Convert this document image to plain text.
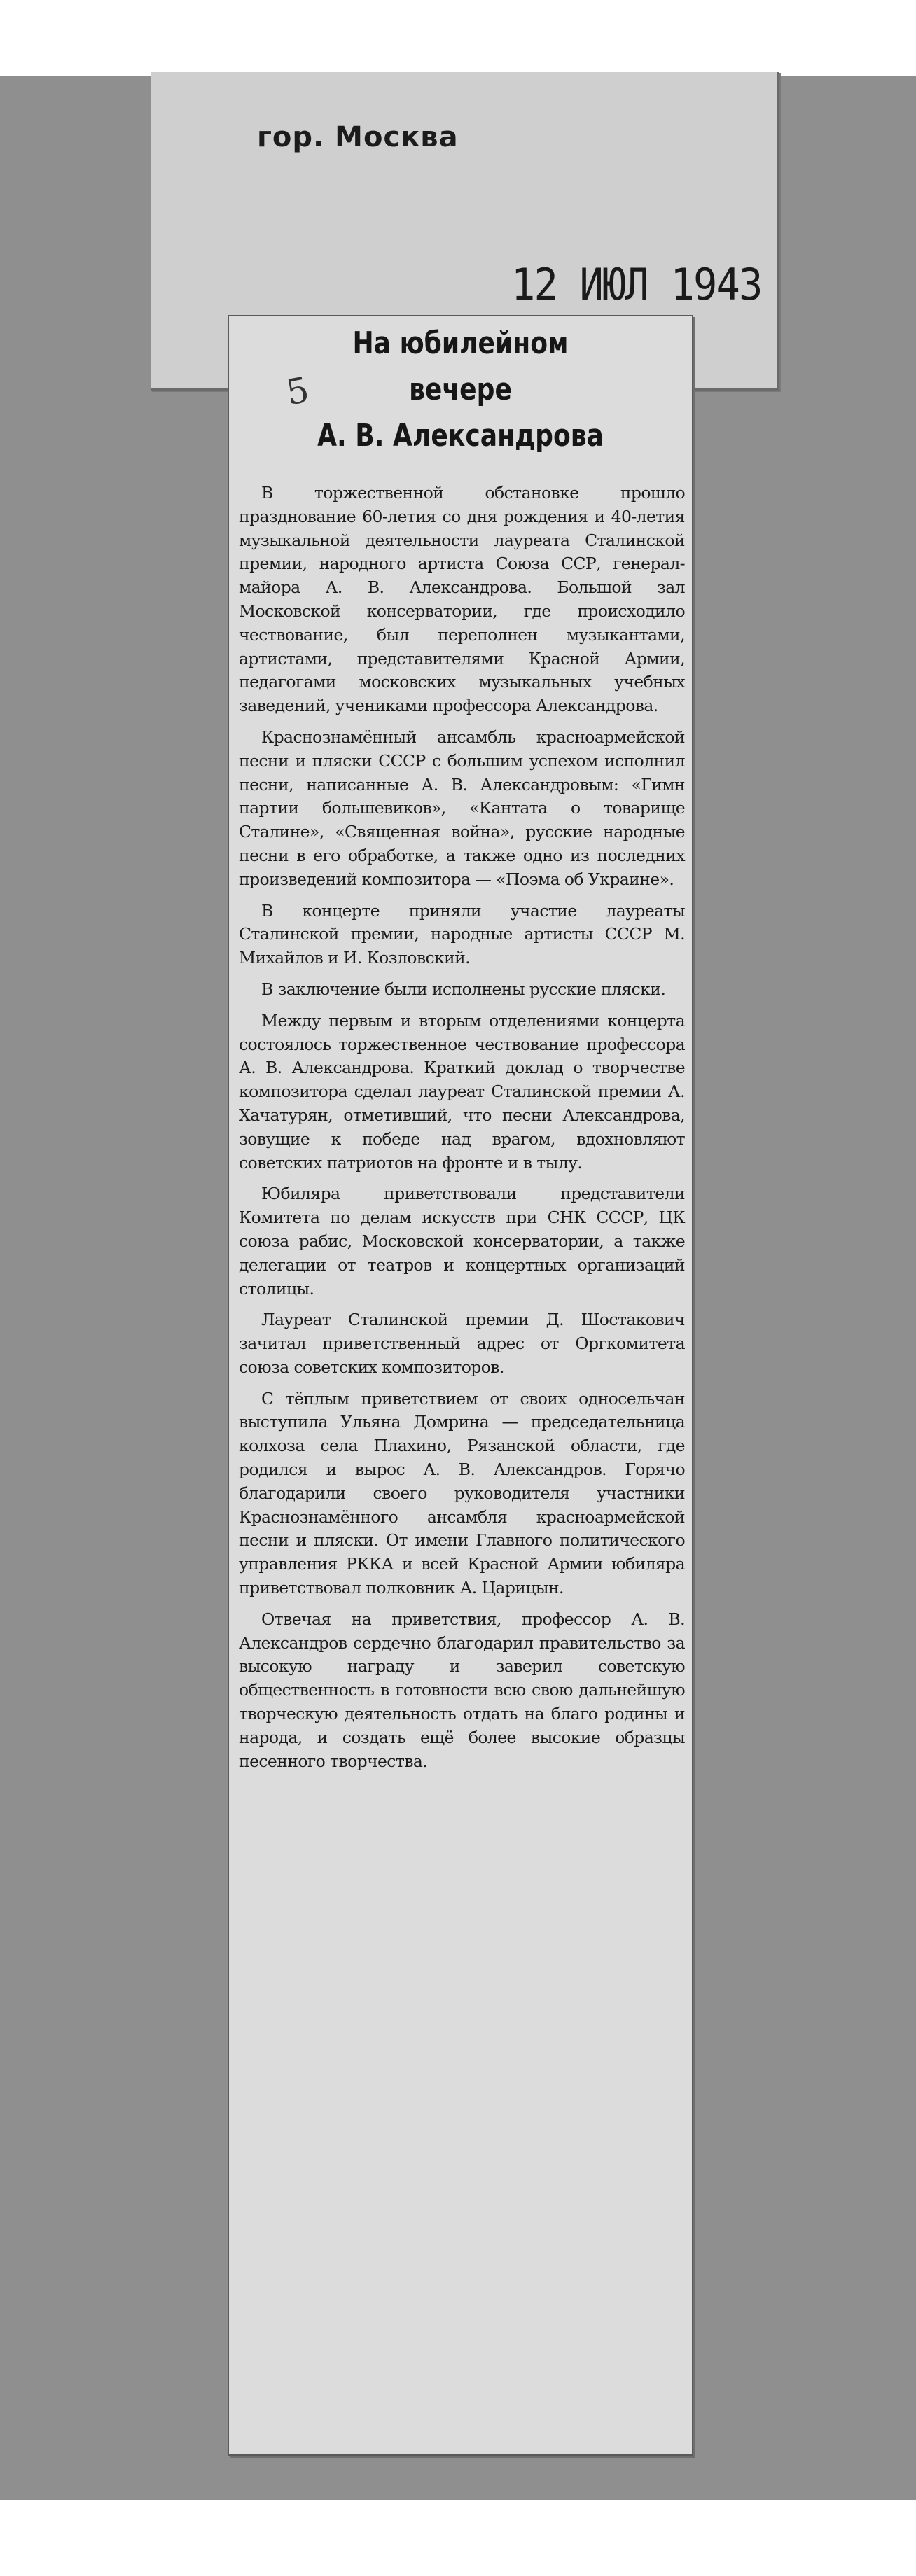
гор. Москва
12 ИЮЛ 1943
5
На юбилейном
вечере
А. В. Александрова

В торжественной обстановке прошло празднование 60-летия со дня рождения и 40-летия музыкальной деятельности лауреата Сталинской премии, народного артиста Союза ССР, генерал-майора А. В. Александрова. Большой зал Московской консерватории, где происходило чествование, был переполнен музыкантами, артистами, представителями Красной Армии, педагогами московских музыкальных учебных заведений, учениками профессора Александрова.

Краснознамённый ансамбль красноармейской песни и пляски СССР с большим успехом исполнил песни, написанные А. В. Александровым: «Гимн партии большевиков», «Кантата о товарище Сталине», «Священная война», русские народные песни в его обработке, а также одно из последних произведений композитора — «Поэма об Украине».

В концерте приняли участие лауреаты Сталинской премии, народные артисты СССР М. Михайлов и И. Козловский.

В заключение были исполнены русские пляски.

Между первым и вторым отделениями концерта состоялось торжественное чествование профессора А. В. Александрова. Краткий доклад о творчестве композитора сделал лауреат Сталинской премии А. Хачатурян, отметивший, что песни Александрова, зовущие к победе над врагом, вдохновляют советских патриотов на фронте и в тылу.

Юбиляра приветствовали представители Комитета по делам искусств при СНК СССР, ЦК союза рабис, Московской консерватории, а также делегации от театров и концертных организаций столицы.

Лауреат Сталинской премии Д. Шостакович зачитал приветственный адрес от Оргкомитета союза советских композиторов.

С тёплым приветствием от своих односельчан выступила Ульяна Домрина — председательница колхоза села Плахино, Рязанской области, где родился и вырос А. В. Александров. Горячо благодарили своего руководителя участники Краснознамённого ансамбля красноармейской песни и пляски. От имени Главного политического управления РККА и всей Красной Армии юбиляра приветствовал полковник А. Царицын.

Отвечая на приветствия, профессор А. В. Александров сердечно благодарил правительство за высокую награду и заверил советскую общественность в готовности всю свою дальнейшую творческую деятельность отдать на благо родины и народа, и создать ещё более высокие образцы песенного творчества.
